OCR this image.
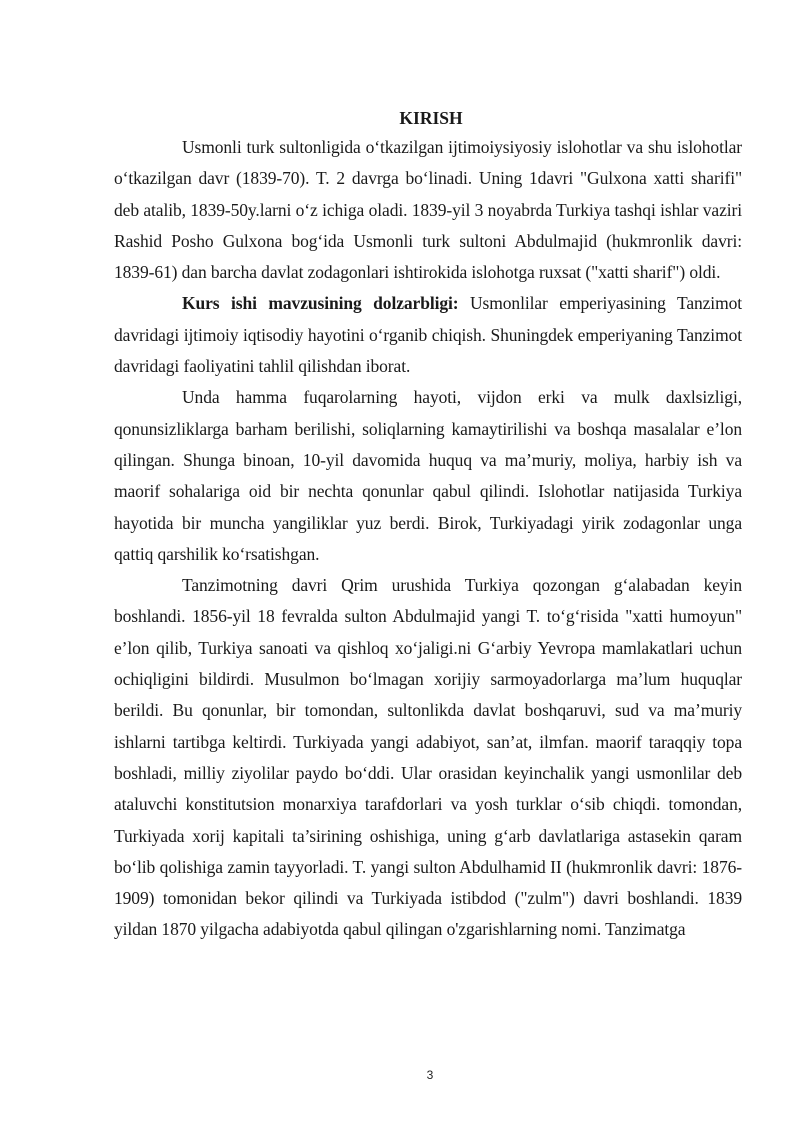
KIRISH

Usmonli turk sultonligida oʻtkazilgan ijtimoiysiyosiy islohotlar va shu islohotlar oʻtkazilgan davr (1839-70). T. 2 davrga boʻlinadi. Uning 1davri "Gulxona xatti sharifi" deb atalib, 1839-50y.larni oʻz ichiga oladi. 1839-yil 3 noyabrda Turkiya tashqi ishlar vaziri Rashid Posho Gulxona bogʻida Usmonli turk sultoni Abdulmajid (hukmronlik davri: 1839-61) dan barcha davlat zodagonlari ishtirokida islohotga ruxsat ("xatti sharif") oldi.

Kurs ishi mavzusining dolzarbligi: Usmonlilar emperiyasining Tanzimot davridagi ijtimoiy iqtisodiy hayotini oʻrganib chiqish. Shuningdek emperiyaning Tanzimot davridagi faoliyatini tahlil qilishdan iborat.

Unda hamma fuqarolarning hayoti, vijdon erki va mulk daxlsizligi, qonunsizliklarga barham berilishi, soliqlarning kamaytirilishi va boshqa masalalar e’lon qilingan. Shunga binoan, 10-yil davomida huquq va ma’muriy, moliya, harbiy ish va maorif sohalariga oid bir nechta qonunlar qabul qilindi. Islohotlar natijasida Turkiya hayotida bir muncha yangiliklar yuz berdi. Birok, Turkiyadagi yirik zodagonlar unga qattiq qarshilik koʻrsatishgan.

Tanzimotning davri Qrim urushida Turkiya qozongan gʻalabadan keyin boshlandi. 1856-yil 18 fevralda sulton Abdulmajid yangi T. toʻgʻrisida "xatti humoyun" e’lon qilib, Turkiya sanoati va qishloq xoʻjaligi.ni Gʻarbiy Yevropa mamlakatlari uchun ochiqligini bildirdi. Musulmon boʻlmagan xorijiy sarmoyadorlarga ma’lum huquqlar berildi. Bu qonunlar, bir tomondan, sultonlikda davlat boshqaruvi, sud va ma’muriy ishlarni tartibga keltirdi. Turkiyada yangi adabiyot, san’at, ilmfan. maorif taraqqiy topa boshladi, milliy ziyolilar paydo boʻddi. Ular orasidan keyinchalik yangi usmonlilar deb ataluvchi konstitutsion monarxiya tarafdorlari va yosh turklar oʻsib chiqdi. tomondan, Turkiyada xorij kapitali ta’sirining oshishiga, uning gʻarb davlatlariga astasekin qaram boʻlib qolishiga zamin tayyorladi. T. yangi sulton Abdulhamid II (hukmronlik davri: 1876-1909) tomonidan bekor qilindi va Turkiyada istibdod ("zulm") davri boshlandi. 1839 yildan 1870 yilgacha adabiyotda qabul qilingan o'zgarishlarning nomi. Tanzimatga

3
